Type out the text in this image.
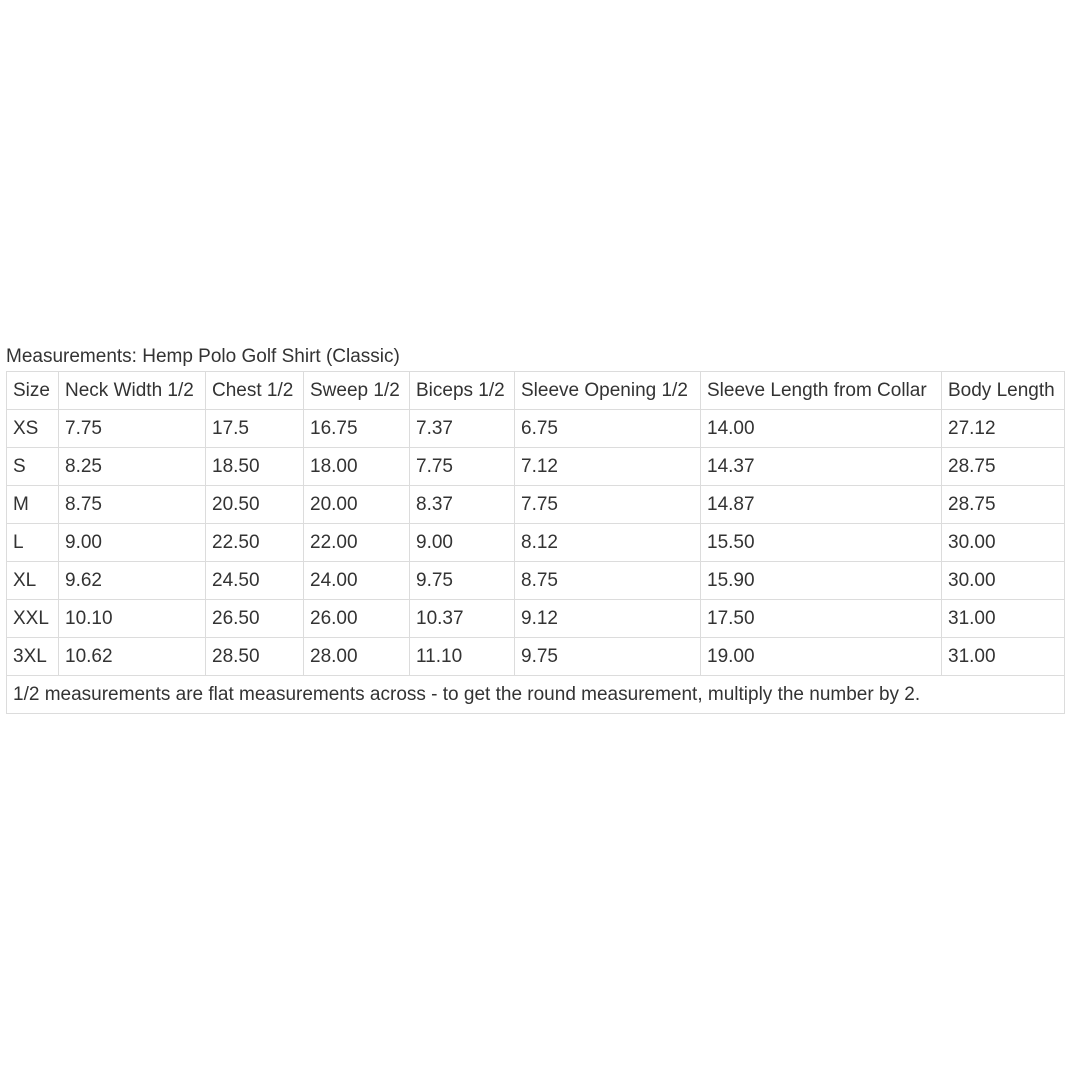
Measurements: Hemp Polo Golf Shirt (Classic)
Size	Neck Width 1/2	Chest 1/2	Sweep 1/2	Biceps 1/2	Sleeve Opening 1/2	Sleeve Length from Collar	Body Length
XS	7.75	17.5	16.75	7.37	6.75	14.00	27.12
S	8.25	18.50	18.00	7.75	7.12	14.37	28.75
M	8.75	20.50	20.00	8.37	7.75	14.87	28.75
L	9.00	22.50	22.00	9.00	8.12	15.50	30.00
XL	9.62	24.50	24.00	9.75	8.75	15.90	30.00
XXL	10.10	26.50	26.00	10.37	9.12	17.50	31.00
3XL	10.62	28.50	28.00	11.10	9.75	19.00	31.00
1/2 measurements are flat measurements across - to get the round measurement, multiply the number by 2.							
